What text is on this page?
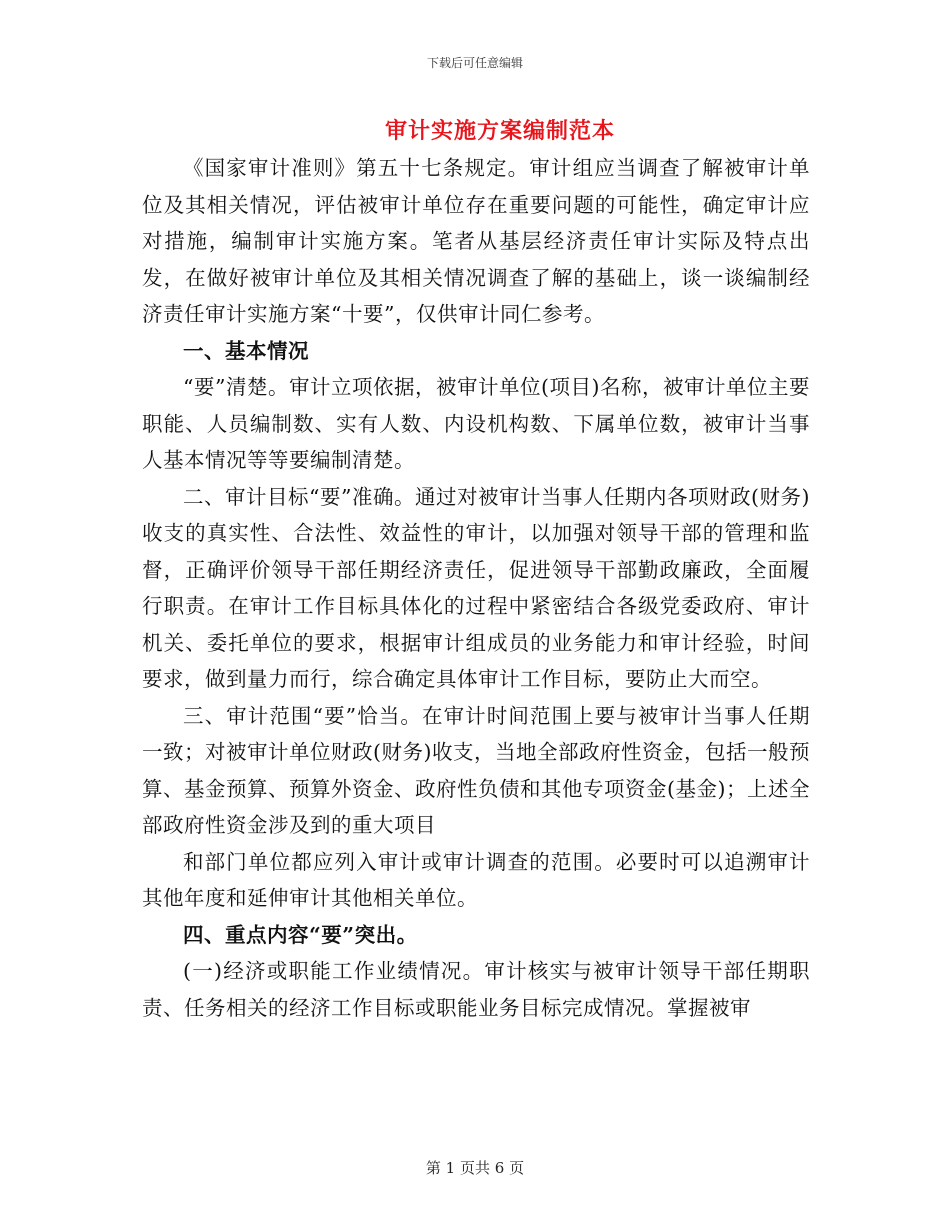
下载后可任意编辑
审计实施方案编制范本

《国家审计准则》第五十七条规定。审计组应当调查了解被审计单位及其相关情况，评估被审计单位存在重要问题的可能性，确定审计应对措施，编制审计实施方案。笔者从基层经济责任审计实际及特点出发，在做好被审计单位及其相关情况调查了解的基础上，谈一谈编制经济责任审计实施方案“十要”，仅供审计同仁参考。

一、基本情况

“要”清楚。审计立项依据，被审计单位(项目)名称，被审计单位主要职能、人员编制数、实有人数、内设机构数、下属单位数，被审计当事人基本情况等等要编制清楚。

二、审计目标“要”准确。通过对被审计当事人任期内各项财政(财务)收支的真实性、合法性、效益性的审计，以加强对领导干部的管理和监督，正确评价领导干部任期经济责任，促进领导干部勤政廉政，全面履行职责。在审计工作目标具体化的过程中紧密结合各级党委政府、审计机关、委托单位的要求，根据审计组成员的业务能力和审计经验，时间要求，做到量力而行，综合确定具体审计工作目标，要防止大而空。

三、审计范围“要”恰当。在审计时间范围上要与被审计当事人任期一致；对被审计单位财政(财务)收支，当地全部政府性资金，包括一般预算、基金预算、预算外资金、政府性负债和其他专项资金(基金)；上述全部政府性资金涉及到的重大项目

和部门单位都应列入审计或审计调查的范围。必要时可以追溯审计其他年度和延伸审计其他相关单位。

四、重点内容“要”突出。

(一)经济或职能工作业绩情况。审计核实与被审计领导干部任期职责、任务相关的经济工作目标或职能业务目标完成情况。掌握被审

第 1 页共 6 页
